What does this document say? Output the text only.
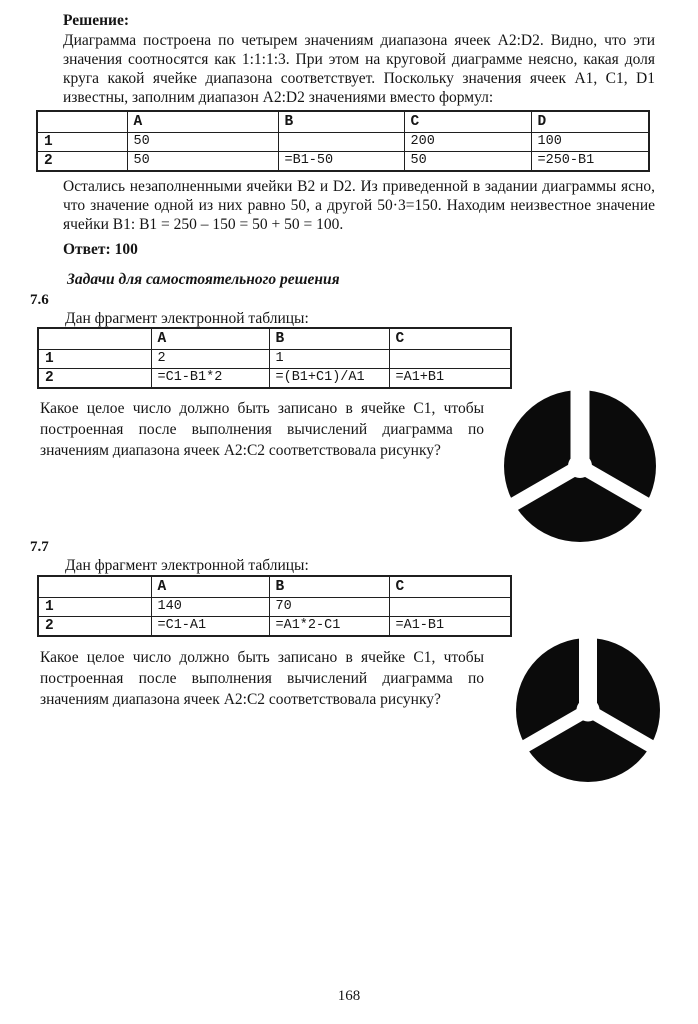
Решение:
Диаграмма построена по четырем значениям диапазона ячеек A2:D2. Видно, что эти значения соотносятся как 1:1:1:3. При этом на круговой диаграмме неясно, какая доля круга какой ячейке диапазона соответствует. Поскольку значения ячеек A1, C1, D1 известны, заполним диапазон A2:D2 значениями вместо формул:
	A	B	C	D
1	50		200	100
2	50	=B1-50	50	=250-B1
Остались незаполненными ячейки B2 и D2. Из приведенной в задании диаграммы ясно, что значение одной из них равно 50, а другой 50·3=150. Находим неизвестное значение ячейки B1: B1 = 250 – 150 = 50 + 50 = 100.
Ответ: 100
Задачи для самостоятельного решения
7.6
Дан фрагмент электронной таблицы:
	A	B	C
1	2	1	
2	=C1-B1*2	=(B1+C1)/A1	=A1+B1
Какое целое число должно быть записано в ячейке C1, чтобы построенная после выполнения вычислений диаграмма по значениям диапазона ячеек A2:C2 соответствовала рисунку?
7.7
Дан фрагмент электронной таблицы:
	A	B	C
1	140	70	
2	=C1-A1	=A1*2-C1	=A1-B1
Какое целое число должно быть записано в ячейке C1, чтобы построенная после выполнения вычислений диаграмма по значениям диапазона ячеек A2:C2 соответствовала рисунку?
168
